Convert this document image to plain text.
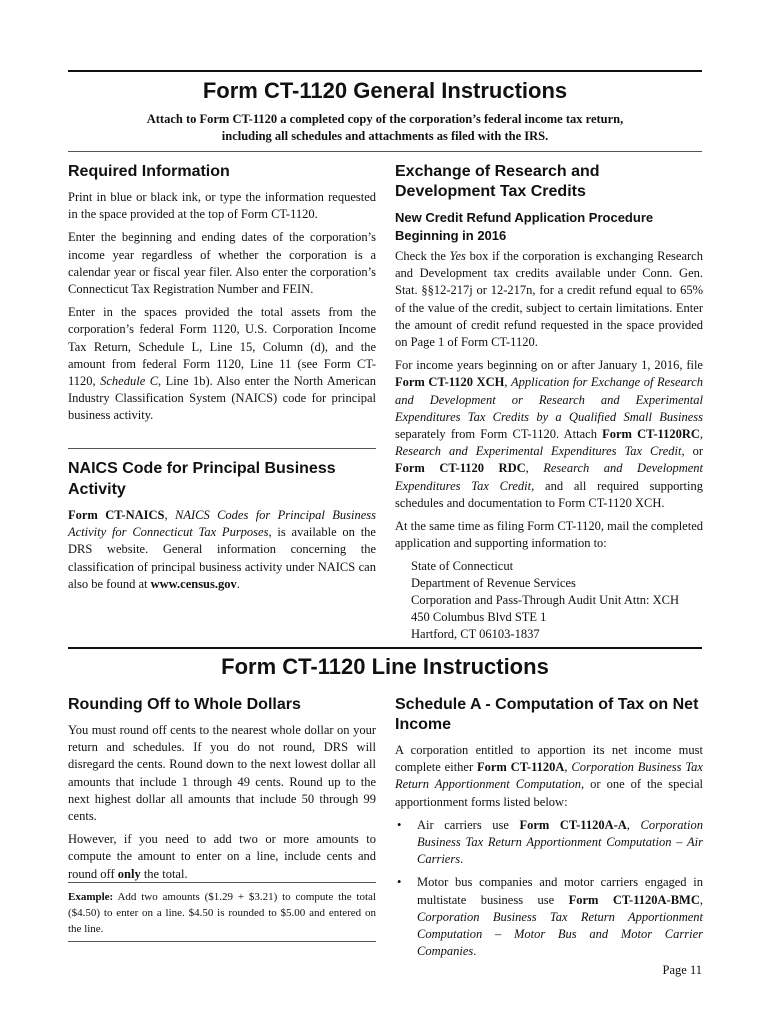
Form CT-1120 General Instructions
Attach to Form CT-1120 a completed copy of the corporation’s federal income tax return,
including all schedules and attachments as filed with the IRS.
Required Information

Print in blue or black ink, or type the information requested in the space provided at the top of Form CT-1120.

Enter the beginning and ending dates of the corporation’s income year regardless of whether the corporation is a calendar year or fiscal year filer. Also enter the corporation’s Connecticut Tax Registration Number and FEIN.

Enter in the spaces provided the total assets from the corporation’s federal Form 1120, U.S. Corporation Income Tax Return, Schedule L, Line 15, Column (d), and the amount from federal Form 1120, Line 11 (see Form CT-1120, Schedule C, Line 1b). Also enter the North American Industry Classification System (NAICS) code for principal business activity.

NAICS Code for Principal Business Activity

Form CT-NAICS, NAICS Codes for Principal Business Activity for Connecticut Tax Purposes, is available on the DRS website. General information concerning the classification of principal business activity under NAICS can also be found at www.census.gov.

Exchange of Research and Development Tax Credits
New Credit Refund Application Procedure Beginning in 2016

Check the Yes box if the corporation is exchanging Research and Development tax credits available under Conn. Gen. Stat. §§12-217j or 12-217n, for a credit refund equal to 65% of the value of the credit, subject to certain limitations. Enter the amount of credit refund requested in the space provided on Page 1 of Form CT-1120.

For income years beginning on or after January 1, 2016, file Form CT-1120 XCH, Application for Exchange of Research and Development or Research and Experimental Expenditures Tax Credits by a Qualified Small Business separately from Form CT-1120. Attach Form CT-1120RC, Research and Experimental Expenditures Tax Credit, or Form CT-1120 RDC, Research and Development Expenditures Tax Credit, and all required supporting schedules and documentation to Form CT-1120 XCH.

At the same time as filing Form CT-1120, mail the completed application and supporting information to:

State of Connecticut
Department of Revenue Services
Corporation and Pass-Through Audit Unit Attn: XCH
450 Columbus Blvd STE 1
Hartford, CT 06103-1837
Form CT-1120 Line Instructions
Rounding Off to Whole Dollars

You must round off cents to the nearest whole dollar on your return and schedules. If you do not round, DRS will disregard the cents. Round down to the next lowest dollar all amounts that include 1 through 49 cents. Round up to the next highest dollar all amounts that include 50 through 99 cents.

However, if you need to add two or more amounts to compute the amount to enter on a line, include cents and round off only the total.

Example: Add two amounts ($1.29 + $3.21) to compute the total ($4.50) to enter on a line. $4.50 is rounded to $5.00 and entered on the line.

Schedule A - Computation of Tax on Net Income

A corporation entitled to apportion its net income must complete either Form CT-1120A, Corporation Business Tax Return Apportionment Computation, or one of the special apportionment forms listed below:

• Air carriers use Form CT-1120A-A, Corporation Business Tax Return Apportionment Computation – Air Carriers.
• Motor bus companies and motor carriers engaged in multistate business use Form CT-1120A-BMC, Corporation Business Tax Return Apportionment Computation – Motor Bus and Motor Carrier Companies.
Page 11
